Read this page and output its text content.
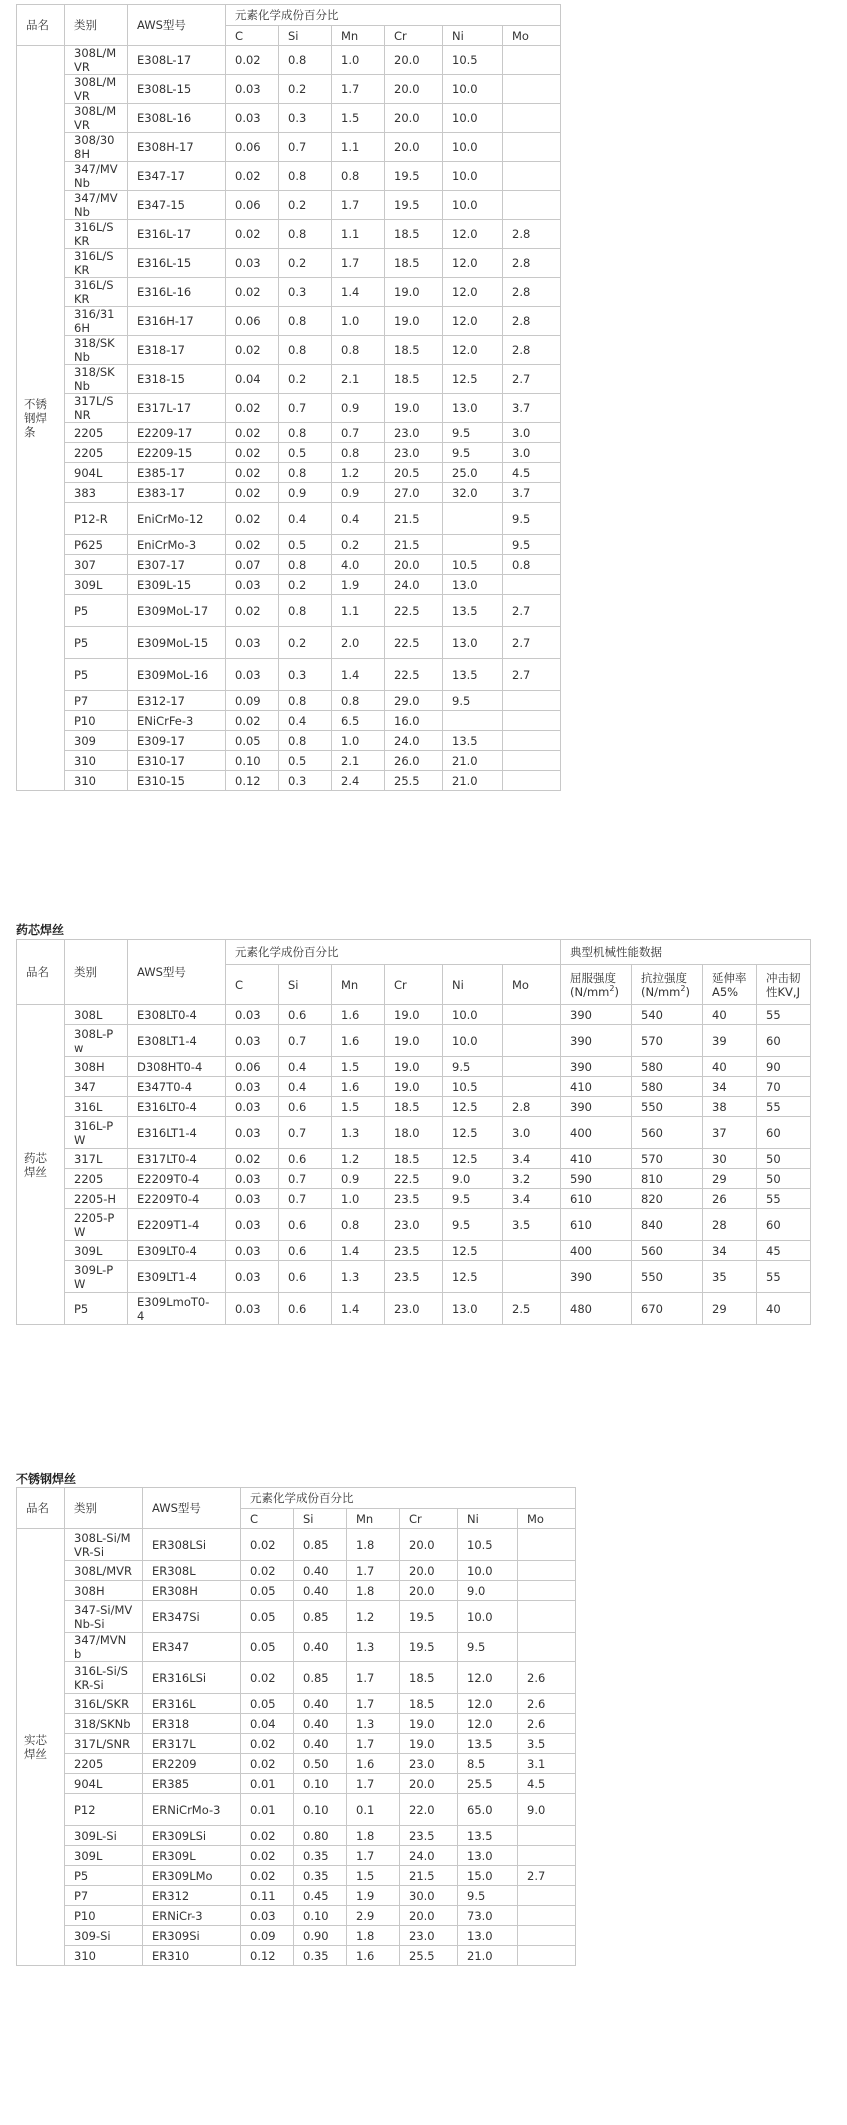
品名	类别	AWS型号	元素化学成份百分比					
			C	Si	Mn	Cr	Ni	Mo
不锈钢焊条	308L/MVR	E308L-17	0.02	0.8	1.0	20.0	10.5	
	308L/MVR	E308L-15	0.03	0.2	1.7	20.0	10.0	
	308L/MVR	E308L-16	0.03	0.3	1.5	20.0	10.0	
	308/308H	E308H-17	0.06	0.7	1.1	20.0	10.0	
	347/MVNb	E347-17	0.02	0.8	0.8	19.5	10.0	
	347/MVNb	E347-15	0.06	0.2	1.7	19.5	10.0	
	316L/SKR	E316L-17	0.02	0.8	1.1	18.5	12.0	2.8
	316L/SKR	E316L-15	0.03	0.2	1.7	18.5	12.0	2.8
	316L/SKR	E316L-16	0.02	0.3	1.4	19.0	12.0	2.8
	316/316H	E316H-17	0.06	0.8	1.0	19.0	12.0	2.8
	318/SKNb	E318-17	0.02	0.8	0.8	18.5	12.0	2.8
	318/SKNb	E318-15	0.04	0.2	2.1	18.5	12.5	2.7
	317L/SNR	E317L-17	0.02	0.7	0.9	19.0	13.0	3.7
	2205	E2209-17	0.02	0.8	0.7	23.0	9.5	3.0
	2205	E2209-15	0.02	0.5	0.8	23.0	9.5	3.0
	904L	E385-17	0.02	0.8	1.2	20.5	25.0	4.5
	383	E383-17	0.02	0.9	0.9	27.0	32.0	3.7
	P12-R	EniCrMo-12	0.02	0.4	0.4	21.5		9.5
	P625	EniCrMo-3	0.02	0.5	0.2	21.5		9.5
	307	E307-17	0.07	0.8	4.0	20.0	10.5	0.8
	309L	E309L-15	0.03	0.2	1.9	24.0	13.0	
	P5	E309MoL-17	0.02	0.8	1.1	22.5	13.5	2.7
	P5	E309MoL-15	0.03	0.2	2.0	22.5	13.0	2.7
	P5	E309MoL-16	0.03	0.3	1.4	22.5	13.5	2.7
	P7	E312-17	0.09	0.8	0.8	29.0	9.5	
	P10	ENiCrFe-3	0.02	0.4	6.5	16.0		
	309	E309-17	0.05	0.8	1.0	24.0	13.5	
	310	E310-17	0.10	0.5	2.1	26.0	21.0	
	310	E310-15	0.12	0.3	2.4	25.5	21.0	
药芯焊丝
品名	类别	AWS型号	元素化学成份百分比						典型机械性能数据			
			C	Si	Mn	Cr	Ni	Mo	屈服强度$(N/mm^2)$	抗拉强度$(N/mm^2)$	延伸率A5%	冲击韧性KV,J
药芯焊丝	308L	E308LT0-4	0.03	0.6	1.6	19.0	10.0		390	540	40	55
	308L-Pw	E308LT1-4	0.03	0.7	1.6	19.0	10.0		390	570	39	60
	308H	D308HT0-4	0.06	0.4	1.5	19.0	9.5		390	580	40	90
	347	E347T0-4	0.03	0.4	1.6	19.0	10.5		410	580	34	70
	316L	E316LT0-4	0.03	0.6	1.5	18.5	12.5	2.8	390	550	38	55
	316L-PW	E316LT1-4	0.03	0.7	1.3	18.0	12.5	3.0	400	560	37	60
	317L	E317LT0-4	0.02	0.6	1.2	18.5	12.5	3.4	410	570	30	50
	2205	E2209T0-4	0.03	0.7	0.9	22.5	9.0	3.2	590	810	29	50
	2205-H	E2209T0-4	0.03	0.7	1.0	23.5	9.5	3.4	610	820	26	55
	2205-PW	E2209T1-4	0.03	0.6	0.8	23.0	9.5	3.5	610	840	28	60
	309L	E309LT0-4	0.03	0.6	1.4	23.5	12.5		400	560	34	45
	309L-PW	E309LT1-4	0.03	0.6	1.3	23.5	12.5		390	550	35	55
	P5	E309LmoT0-4	0.03	0.6	1.4	23.0	13.0	2.5	480	670	29	40
不锈钢焊丝
品名	类别	AWS型号	元素化学成份百分比					
			C	Si	Mn	Cr	Ni	Mo
实芯焊丝	308L-Si/MVR-Si	ER308LSi	0.02	0.85	1.8	20.0	10.5	
	308L/MVR	ER308L	0.02	0.40	1.7	20.0	10.0	
	308H	ER308H	0.05	0.40	1.8	20.0	9.0	
	347-Si/MVNb-Si	ER347Si	0.05	0.85	1.2	19.5	10.0	
	347/MVNb	ER347	0.05	0.40	1.3	19.5	9.5	
	316L-Si/SKR-Si	ER316LSi	0.02	0.85	1.7	18.5	12.0	2.6
	316L/SKR	ER316L	0.05	0.40	1.7	18.5	12.0	2.6
	318/SKNb	ER318	0.04	0.40	1.3	19.0	12.0	2.6
	317L/SNR	ER317L	0.02	0.40	1.7	19.0	13.5	3.5
	2205	ER2209	0.02	0.50	1.6	23.0	8.5	3.1
	904L	ER385	0.01	0.10	1.7	20.0	25.5	4.5
	P12	ERNiCrMo-3	0.01	0.10	0.1	22.0	65.0	9.0
	309L-Si	ER309LSi	0.02	0.80	1.8	23.5	13.5	
	309L	ER309L	0.02	0.35	1.7	24.0	13.0	
	P5	ER309LMo	0.02	0.35	1.5	21.5	15.0	2.7
	P7	ER312	0.11	0.45	1.9	30.0	9.5	
	P10	ERNiCr-3	0.03	0.10	2.9	20.0	73.0	
	309-Si	ER309Si	0.09	0.90	1.8	23.0	13.0	
	310	ER310	0.12	0.35	1.6	25.5	21.0	
